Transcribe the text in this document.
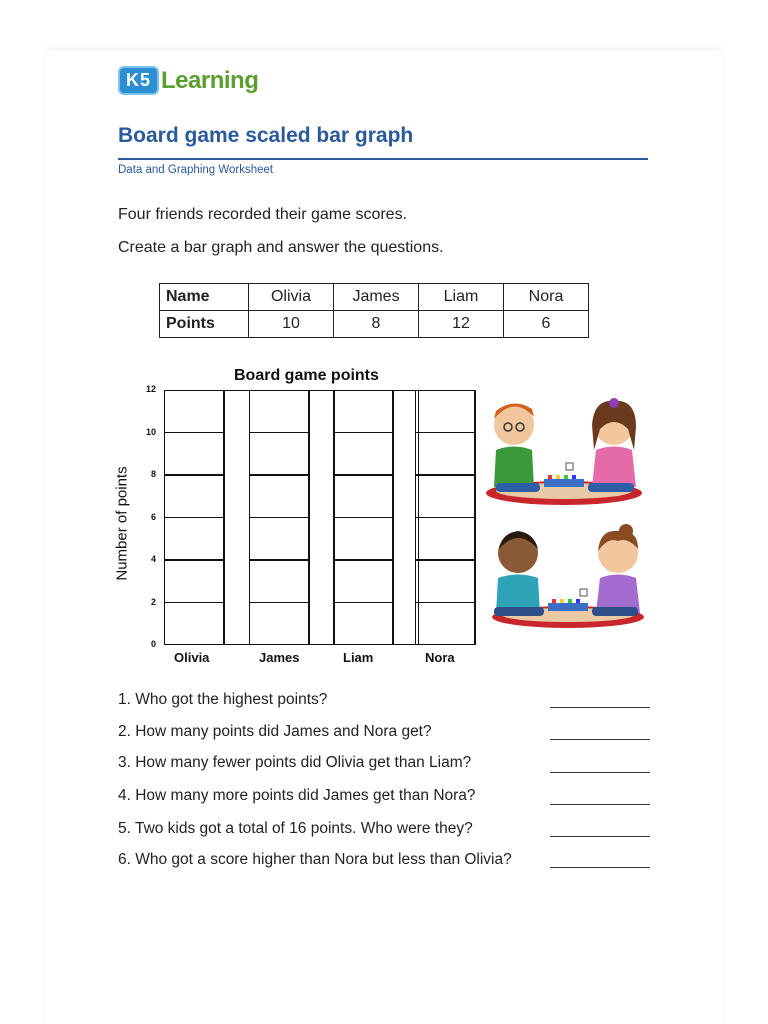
K5 Learning
Board game scaled bar graph
Data and Graphing Worksheet
Four friends recorded their game scores.
Create a bar graph and answer the questions.
Name	Olivia	James	Liam	Nora
Points	10	8	12	6
Board game points
Number of points
0
2
4
6
8
10
12
Olivia	James	Liam	Nora
1. Who got the highest points?
2. How many points did James and Nora get?
3. How many fewer points did Olivia get than Liam?
4. How many more points did James get than Nora?
5. Two kids got a total of 16 points. Who were they?
6. Who got a score higher than Nora but less than Olivia?
